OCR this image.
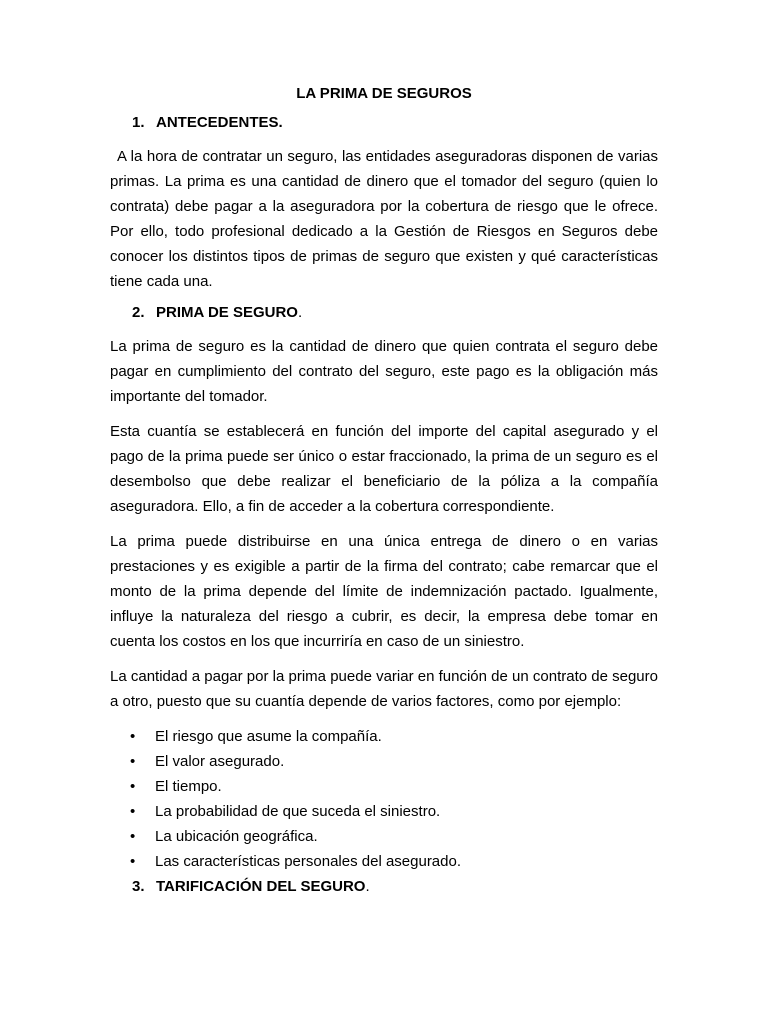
LA PRIMA DE SEGUROS
1. ANTECEDENTES.

A la hora de contratar un seguro, las entidades aseguradoras disponen de varias primas. La prima es una cantidad de dinero que el tomador del seguro (quien lo contrata) debe pagar a la aseguradora por la cobertura de riesgo que le ofrece. Por ello, todo profesional dedicado a la Gestión de Riesgos en Seguros debe conocer los distintos tipos de primas de seguro que existen y qué características tiene cada una.

2. PRIMA DE SEGURO.

La prima de seguro es la cantidad de dinero que quien contrata el seguro debe pagar en cumplimiento del contrato del seguro, este pago es la obligación más importante del tomador.

Esta cuantía se establecerá en función del importe del capital asegurado y el pago de la prima puede ser único o estar fraccionado, la prima de un seguro es el desembolso que debe realizar el beneficiario de la póliza a la compañía aseguradora. Ello, a fin de acceder a la cobertura correspondiente.

La prima puede distribuirse en una única entrega de dinero o en varias prestaciones y es exigible a partir de la firma del contrato; cabe remarcar que el monto de la prima depende del límite de indemnización pactado. Igualmente, influye la naturaleza del riesgo a cubrir, es decir, la empresa debe tomar en cuenta los costos en los que incurriría en caso de un siniestro.

La cantidad a pagar por la prima puede variar en función de un contrato de seguro a otro, puesto que su cuantía depende de varios factores, como por ejemplo:

•	El riesgo que asume la compañía.
•	El valor asegurado.
•	El tiempo.
•	La probabilidad de que suceda el siniestro.
•	La ubicación geográfica.
•	Las características personales del asegurado.
3. TARIFICACIÓN DEL SEGURO.
